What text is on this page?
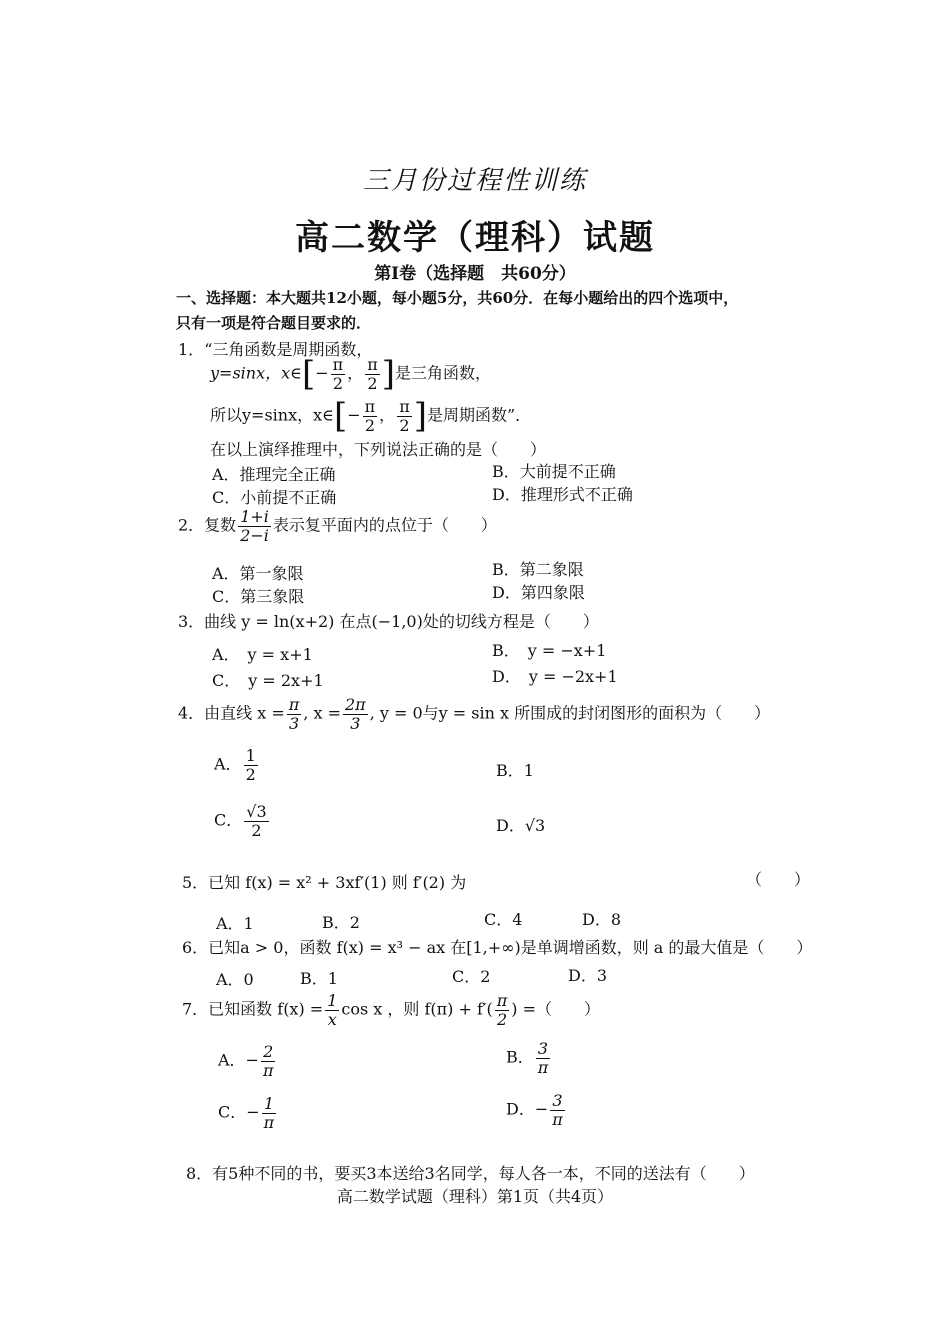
三月份过程性训练
高二数学（理科）试题
第Ⅰ卷（选择题　共60分）
一、选择题：本大题共12小题，每小题5分，共60分．在每小题给出的四个选项中，
只有一项是符合题目要求的．
1．“三角函数是周期函数，
y=sinx，x∈[− $\frac{\pi}{2}$ ， $\frac{\pi}{2}$ ]是三角函数，
所以y=sinx，x∈[− $\frac{\pi}{2}$ ， $\frac{\pi}{2}$ ]是周期函数”．
在以上演绎推理中，下列说法正确的是（　　）
A．推理完全正确	B．大前提不正确
C．小前提不正确	D．推理形式不正确
2．复数 $\frac{1+i}{2-i}$ 表示复平面内的点位于（　　）
A．第一象限	B．第二象限
C．第三象限	D．第四象限
3．曲线 y = ln(x+2) 在点(−1,0)处的切线方程是（　　）
A．　y = x+1	B．　y = −x+1
C．　y = 2x+1	D．　y = −2x+1
4．由直线 $x = \frac{\pi}{3}$ , $x = \frac{2\pi}{3}$ , y = 0与y = sin x 所围成的封闭图形的面积为（　　）
A． $\frac{1}{2}$	B．1
C． $\frac{√3}{2}$	D．√3
5．已知 f(x) = x² + 3xf′(1) 则 f′(2) 为	（　　）
A．1	B．2	C．4	D．8
6．已知a > 0，函数 f(x) = x³ − ax 在[1,+∞)是单调增函数，则 a 的最大值是（　　）
A．0	B．1	C．2	D．3
7．已知函数 $f(x) = \frac{1}{x}$ cos x ，则 $f(\pi) + f'( \frac{\pi}{2}$ ) =（　　）
A．− $\frac{2}{\pi}$	B． $\frac{3}{\pi}$
C．− $\frac{1}{\pi}$	D．− $\frac{3}{\pi}$
8．有5种不同的书，要买3本送给3名同学，每人各一本，不同的送法有（　　）
高二数学试题（理科）第1页（共4页）
